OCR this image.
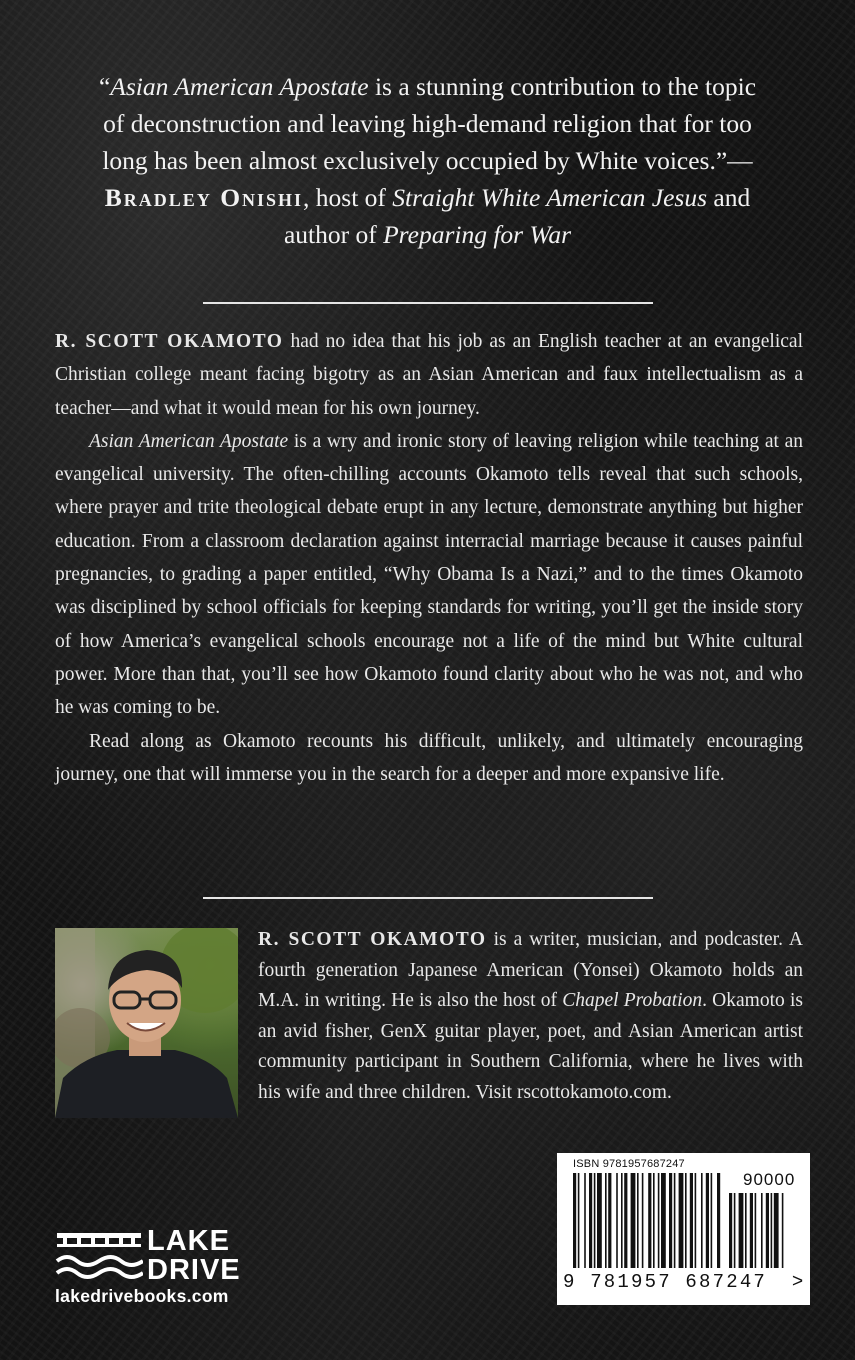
“Asian American Apostate is a stunning contribution to the topic of deconstruction and leaving high-demand religion that for too long has been almost exclusively occupied by White voices.”—
Bradley Onishi, host of Straight White American Jesus and author of Preparing for War

R. SCOTT OKAMOTO had no idea that his job as an English teacher at an evangelical Christian college meant facing bigotry as an Asian American and faux intellectualism as a teacher—and what it would mean for his own journey.

Asian American Apostate is a wry and ironic story of leaving religion while teaching at an evangelical university. The often-chilling accounts Okamoto tells reveal that such schools, where prayer and trite theological debate erupt in any lecture, demonstrate anything but higher education. From a classroom declaration against interracial marriage because it causes painful pregnancies, to grading a paper entitled, “Why Obama Is a Nazi,” and to the times Okamoto was disciplined by school officials for keeping standards for writing, you’ll get the inside story of how America’s evangelical schools encourage not a life of the mind but White cultural power. More than that, you’ll see how Okamoto found clarity about who he was not, and who he was coming to be.

Read along as Okamoto recounts his difficult, unlikely, and ultimately encouraging journey, one that will immerse you in the search for a deeper and more expansive life.

R. SCOTT OKAMOTO is a writer, musician, and podcaster. A fourth generation Japanese American (Yonsei) Okamoto holds an M.A. in writing. He is also the host of Chapel Probation. Okamoto is an avid fisher, GenX guitar player, poet, and Asian American artist community participant in Southern California, where he lives with his wife and three children. Visit rscottokamoto.com.

LAKE
DRIVE
lakedrivebooks.com
ISBN 9781957687247
90000
9 781957 687247 >
